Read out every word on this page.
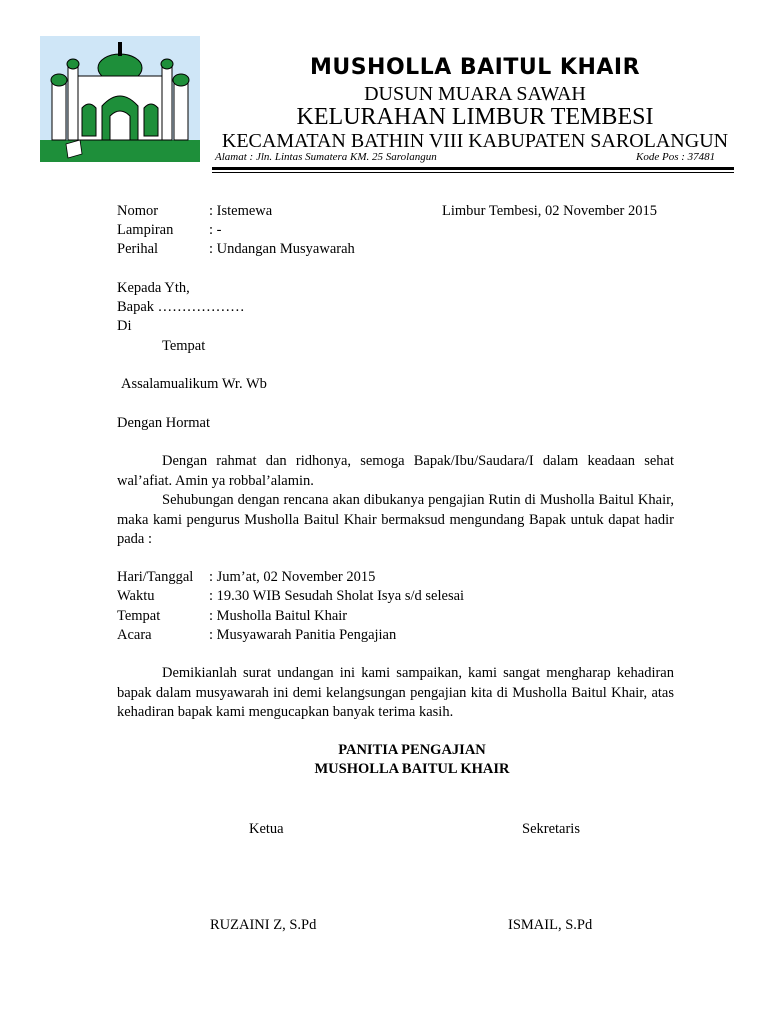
MUSHOLLA BAITUL KHAIR
DUSUN MUARA SAWAH
KELURAHAN LIMBUR TEMBESI
KECAMATAN BATHIN VIII KABUPATEN SAROLANGUN
Alamat : Jln. Lintas Sumatera KM. 25 Sarolangun	Kode Pos : 37481
Nomor	: Istemewa	Limbur Tembesi, 02 November 2015
Lampiran : -
Perihal	: Undangan Musyawarah
Kepada Yth,
Bapak ………………
Di
Tempat
Assalamualikum Wr. Wb
Dengan Hormat
Dengan rahmat dan ridhonya, semoga Bapak/Ibu/Saudara/I dalam keadaan sehat wal’afiat. Amin ya robbal’alamin.
Sehubungan dengan rencana akan dibukanya pengajian Rutin di Musholla Baitul Khair, maka kami pengurus Musholla Baitul Khair bermaksud mengundang Bapak untuk dapat hadir pada :
Hari/Tanggal : Jum’at, 02 November 2015
Waktu	: 19.30 WIB Sesudah Sholat Isya s/d selesai
Tempat	: Musholla Baitul Khair
Acara	: Musyawarah Panitia Pengajian
Demikianlah surat undangan ini kami sampaikan, kami sangat mengharap kehadiran bapak dalam musyawarah ini demi kelangsungan pengajian kita di Musholla Baitul Khair, atas kehadiran bapak kami mengucapkan banyak terima kasih.
PANITIA PENGAJIAN
MUSHOLLA BAITUL KHAIR
Ketua	Sekretaris
RUZAINI Z, S.Pd	ISMAIL, S.Pd
